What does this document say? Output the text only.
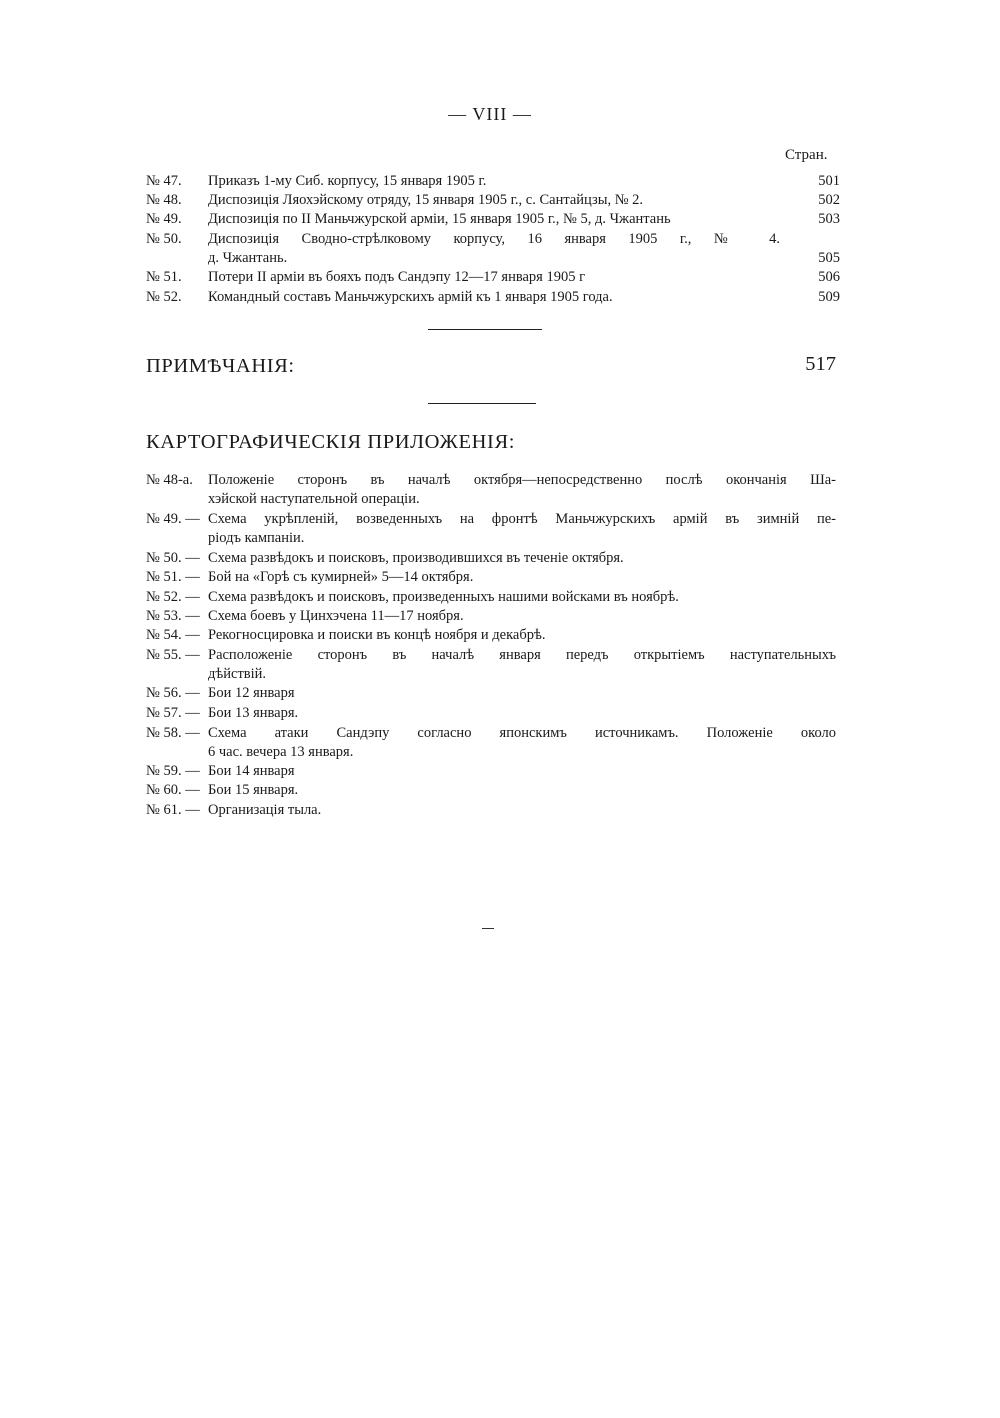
— VIII —
Стран.
№ 47. Приказъ 1-му Сиб. корпусу, 15 января 1905 г.	501
№ 48. Диспозиція Ляохэйскому отряду, 15 января 1905 г., с. Сантайцзы, № 2.	502
№ 49. Диспозиція по II Маньчжурской арміи, 15 января 1905 г., № 5, д. Чжантань	503
№ 50. Диспозиція Сводно-стрѣлковому корпусу, 16 января 1905 г., № 4.
д. Чжантань.	505
№ 51. Потери II арміи въ бояхъ подъ Сандэпу 12—17 января 1905 г	506
№ 52. Командный составъ Маньчжурскихъ армій къ 1 января 1905 года.	509
ПРИМѢЧАНІЯ:	517
КАРТОГРАФИЧЕСКІЯ ПРИЛОЖЕНІЯ:
№ 48-а. Положеніе сторонъ въ началѣ октября—непосредственно послѣ окончанія Ша-
хэйской наступательной операціи.
№ 49. — Схема укрѣпленій, возведенныхъ на фронтѣ Маньчжурскихъ армій въ зимній пе-
ріодъ кампаніи.
№ 50. — Схема развѣдокъ и поисковъ, производившихся въ теченіе октября.
№ 51. — Бой на «Горѣ съ кумирней» 5—14 октября.
№ 52. — Схема развѣдокъ и поисковъ, произведенныхъ нашими войсками въ ноябрѣ.
№ 53. — Схема боевъ у Цинхэчена 11—17 ноября.
№ 54. — Рекогносцировка и поиски въ концѣ ноября и декабрѣ.
№ 55. — Расположеніе сторонъ въ началѣ января передъ открытіемъ наступательныхъ
дѣйствій.
№ 56. — Бои 12 января
№ 57. — Бои 13 января.
№ 58. — Схема атаки Сандэпу согласно японскимъ источникамъ. Положеніе около
6 час. вечера 13 января.
№ 59. — Бои 14 января
№ 60. — Бои 15 января.
№ 61. — Организація тыла.
